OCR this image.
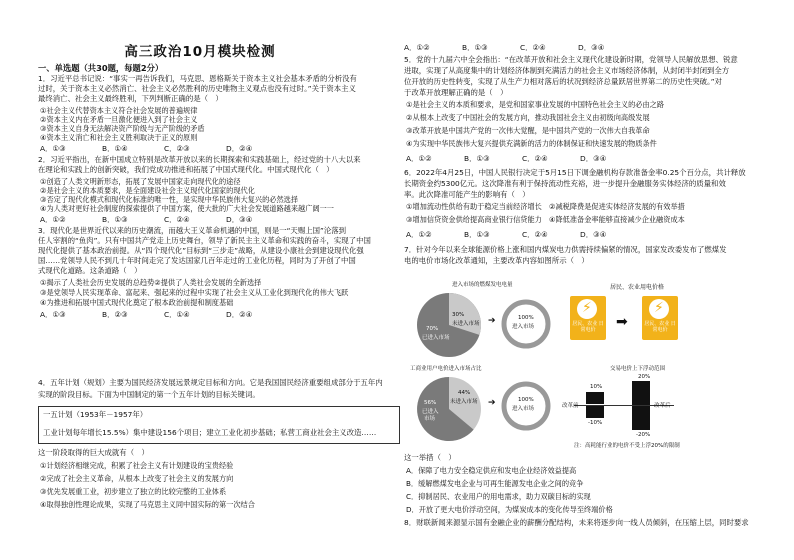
高三政治10月模块检测
一、单选题（共30题，每题2分）
1．习近平总书记说：“事实一再告诉我们，马克思、恩格斯关于资本主义社会基本矛盾的分析没有
过时，关于资本主义必然消亡、社会主义必然胜利的历史唯物主义观点也没有过时。”关于资本主义
最终消亡、社会主义最终胜利，下列判断正确的是（　）
①社会主义代替资本主义符合社会发展的普遍规律
②资本主义内在矛盾一旦激化便进入到了社会主义
③资本主义自身无法解决资产阶级与无产阶级的矛盾
④资本主义消亡和社会主义胜利取决于正义的原则
A．①③	B．①④	C．②③	D．②④
2．习近平指出，在新中国成立特别是改革开放以来的长期探索和实践基础上，经过党的十八大以来
在理论和实践上的创新突破，我们党成功推进和拓展了中国式现代化。中国式现代化（　）
①创造了人类文明新形态，拓展了发展中国家走向现代化的途径
②是社会主义的本质要求，是全面建设社会主义现代化国家的现代化
③否定了现代化模式和现代化标准的唯一性，是实现中华民族伟大复兴的必然选择
④为人类对更好社会制度的探索提供了中国方案，使大批的广大社会发展道路越来越广阔一一
A．①②	B．①③	C．②④	D．③④
3．现代化是世界近代以来的历史潮流，而越大王义革命机遇的中国，则是一“天赐上国”沦落到
任人宰割的“鱼肉”。只有中国共产党走上历史舞台，领导了新民主主义革命和实践的奋斗，实现了中国
现代化提供了基本政治前提。从“四个现代化”目标到“三步走”战略，从建设小康社会到建设现代化强
国……党领导人民不到几十年时间走完了发达国家几百年走过的工业化历程，同时为了开创了中国
式现代化道路。这条道路（　）
①揭示了人类社会历史发展的总趋势②提供了人类社会发展的全新选择
③是党领导人民实现革命、富起来、强起来的过程中实现了社会主义从工业化到现代化的伟大飞跃
④为推进和拓展中国式现代化奠定了根本政治前提和制度基础
A．①③	B．②③	C．①④	D．②④
4．五年计划（规划）主要为国民经济发展远景规定目标和方向。它是我国国民经济重要组成部分于五年内
实现的阶段目标。下面为中国制定的第一个五年计划的目标关键词。
一五计划（1953年－1957年）
工业计划每年增长15.5%）集中建设156个项目；建立工业化初步基础；私营工商业社会主义改造……
这一阶段取得的巨大成就有（　）
①计划经济相继完成，积累了社会主义有计划建设的宝贵经验
②完成了社会主义革命，从根本上改变了社会主义的发展方向
③优先发展重工业，初步建立了独立的比较完整的工业体系
④取得独创性理论成果，实现了马克思主义同中国实际的第一次结合
A．①②	B．①③	C．②④	D．③④
5．党的十九届六中全会指出：“在改革开放和社会主义现代化建设新时期，党领导人民解放思想、锐意
进取，实现了从高度集中的计划经济体制到充满活力的社会主义市场经济体制，从封闭半封闭到全方
位开放的历史性转变，实现了从生产力相对落后的状况到经济总量跃居世界第二的历史性突破。”对
于改革开放理解正确的是（　）
①是社会主义的本质和要求，是党和国家事业发展的中国特色社会主义的必由之路
②从根本上改变了中国社会的发展方向，推动我国社会主义由初级向高级发展
③改革开放是中国共产党的一次伟大觉醒，是中国共产党的一次伟大自我革命
④为实现中华民族伟大复兴提供充满新的活力的体制保证和快速发展的物质条件
A．①②	B．①③	C．②④	D．③④
6．2022年4月25日，中国人民银行决定于5月15日下调金融机构存款准备金率0.25个百分点，共计释放
长期资金约5300亿元。这次降准有利于保持流动性充裕，进一步提升金融服务实体经济的质量和效
率。此次降准可能产生的影响有（　）
①增加流动性供给有助于稳定当前经济增长　②减税降费是促进实体经济发展的有效举措
③增加信贷资金供给提高商业银行信贷能力　④降低准备金率能够直接减少企业融资成本
A．①②	B．①③	C．②④	D．③④
7．针对今年以来全球能源价格上涨和国内煤炭电力供需持续偏紧的情况，国家发改委发布了燃煤发
电的电价市场化改革通知，主要改革内容如图所示（　）
进入市场的燃煤发电电量
30%
未进入市场
70%
已进入市场
➔	100%
进入市场
居民、农业用电价格
⚡
居民、农业 日常电价	➡
⚡
居民、农业 日常电价
工商业用户电价进入市场占比
56%
已进入
市场
44%
未进入市场 ➔	100%
进入市场
交易电价上下浮动范围
20%
10%
改革前	改革后
-10%
-20%
注：高耗能行业的电价不受上浮20%的限制
这一举措（　）
A．保障了电力安全稳定供应和发电企业经济效益提高
B．缓解燃煤发电企业与可再生能源发电企业之间的竞争
C．抑制居民、农业用户的用电需求，助力双碳目标的实现
D．开放了更大电价浮动空间，为煤炭成本的变化传导至终端价格
8．财联新闻来源显示国有金融企业的薪酬分配结构，未来将逐步向一线人员倾斜，在压缩上层，同时要求
